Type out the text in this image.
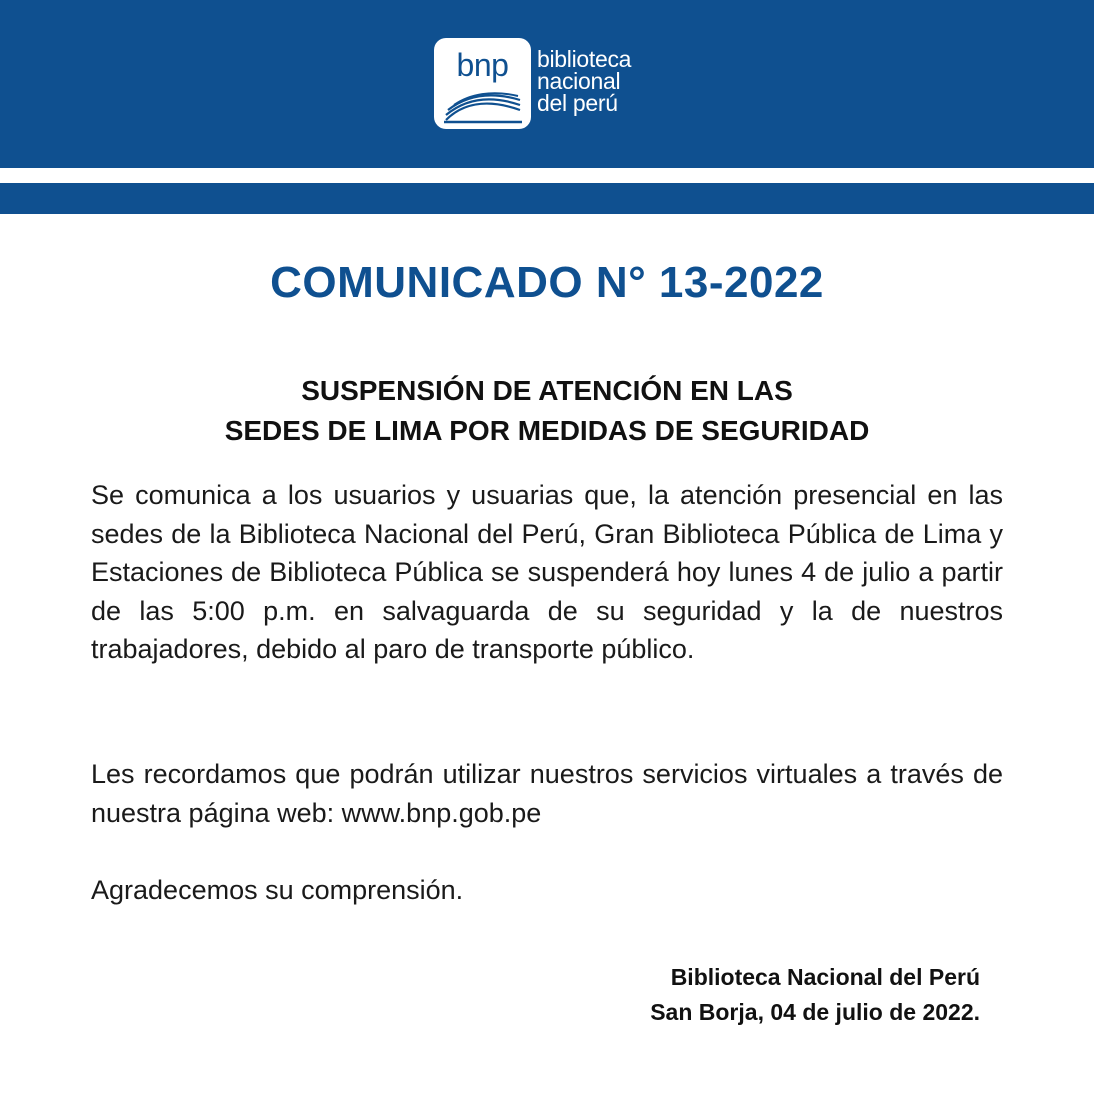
bnp	biblioteca
nacional
del perú
COMUNICADO N° 13-2022
SUSPENSIÓN DE ATENCIÓN EN LAS
SEDES DE LIMA POR MEDIDAS DE SEGURIDAD
Se comunica a los usuarios y usuarias que, la atención presencial en las sedes de la Biblioteca Nacional del Perú, Gran Biblioteca Pública de Lima y Estaciones de Biblioteca Pública se suspenderá hoy lunes 4 de julio a partir de las 5:00 p.m. en salvaguarda de su seguridad y la de nuestros trabajadores, debido al paro de transporte público.
Les recordamos que podrán utilizar nuestros servicios virtuales a través de nuestra página web: www.bnp.gob.pe
Agradecemos su comprensión.
Biblioteca Nacional del Perú
San Borja, 04 de julio de 2022.
